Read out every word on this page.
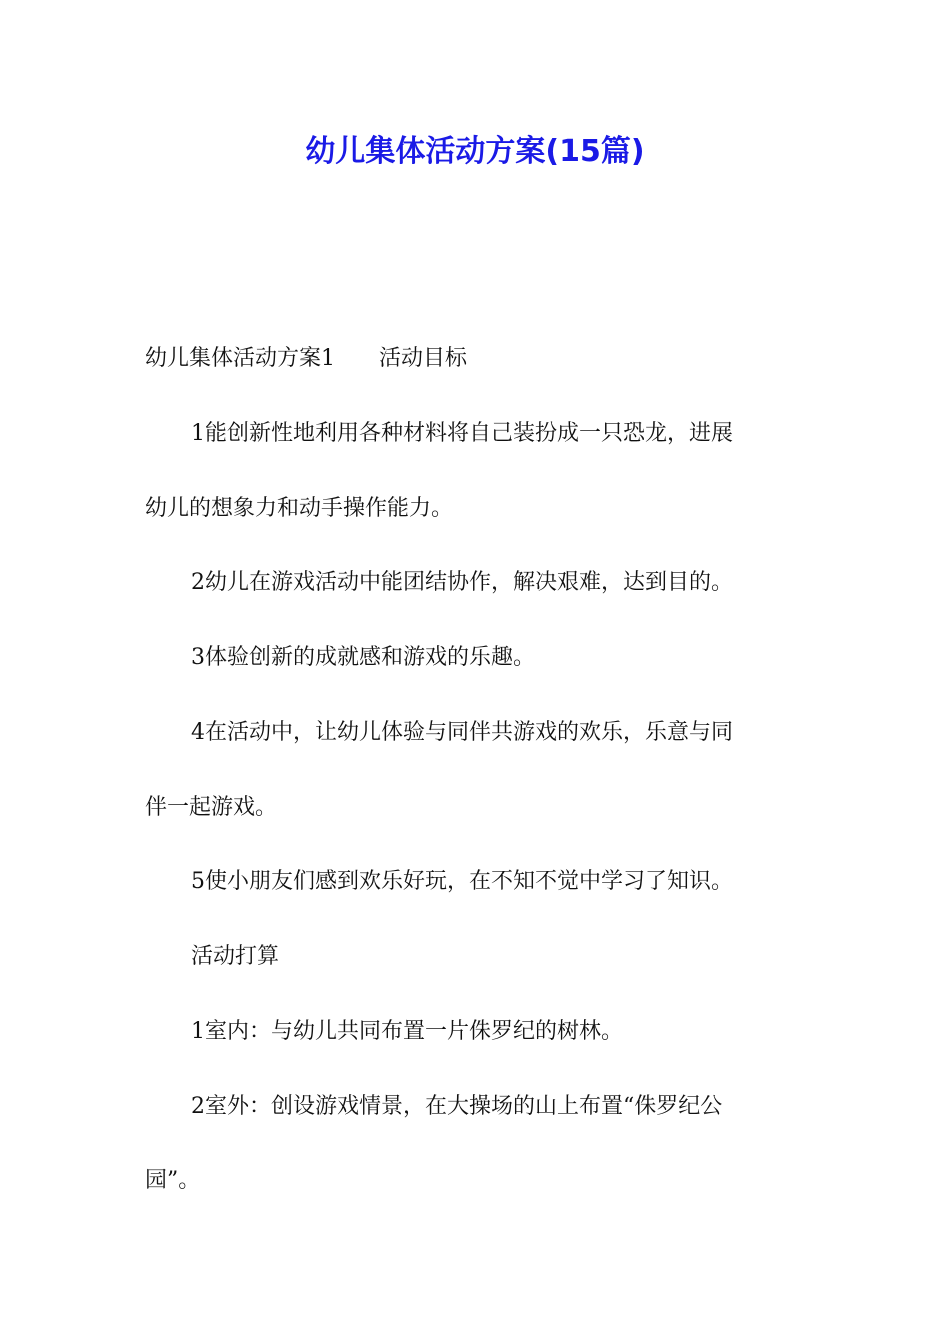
幼儿集体活动方案(15篇)

幼儿集体活动方案1 活动目标

1能创新性地利用各种材料将自己装扮成一只恐龙，进展

幼儿的想象力和动手操作能力。

2幼儿在游戏活动中能团结协作，解决艰难，达到目的。

3体验创新的成就感和游戏的乐趣。

4在活动中，让幼儿体验与同伴共游戏的欢乐，乐意与同

伴一起游戏。

5使小朋友们感到欢乐好玩，在不知不觉中学习了知识。

活动打算

1室内：与幼儿共同布置一片侏罗纪的树林。

2室外：创设游戏情景，在大操场的山上布置“侏罗纪公

园”。
